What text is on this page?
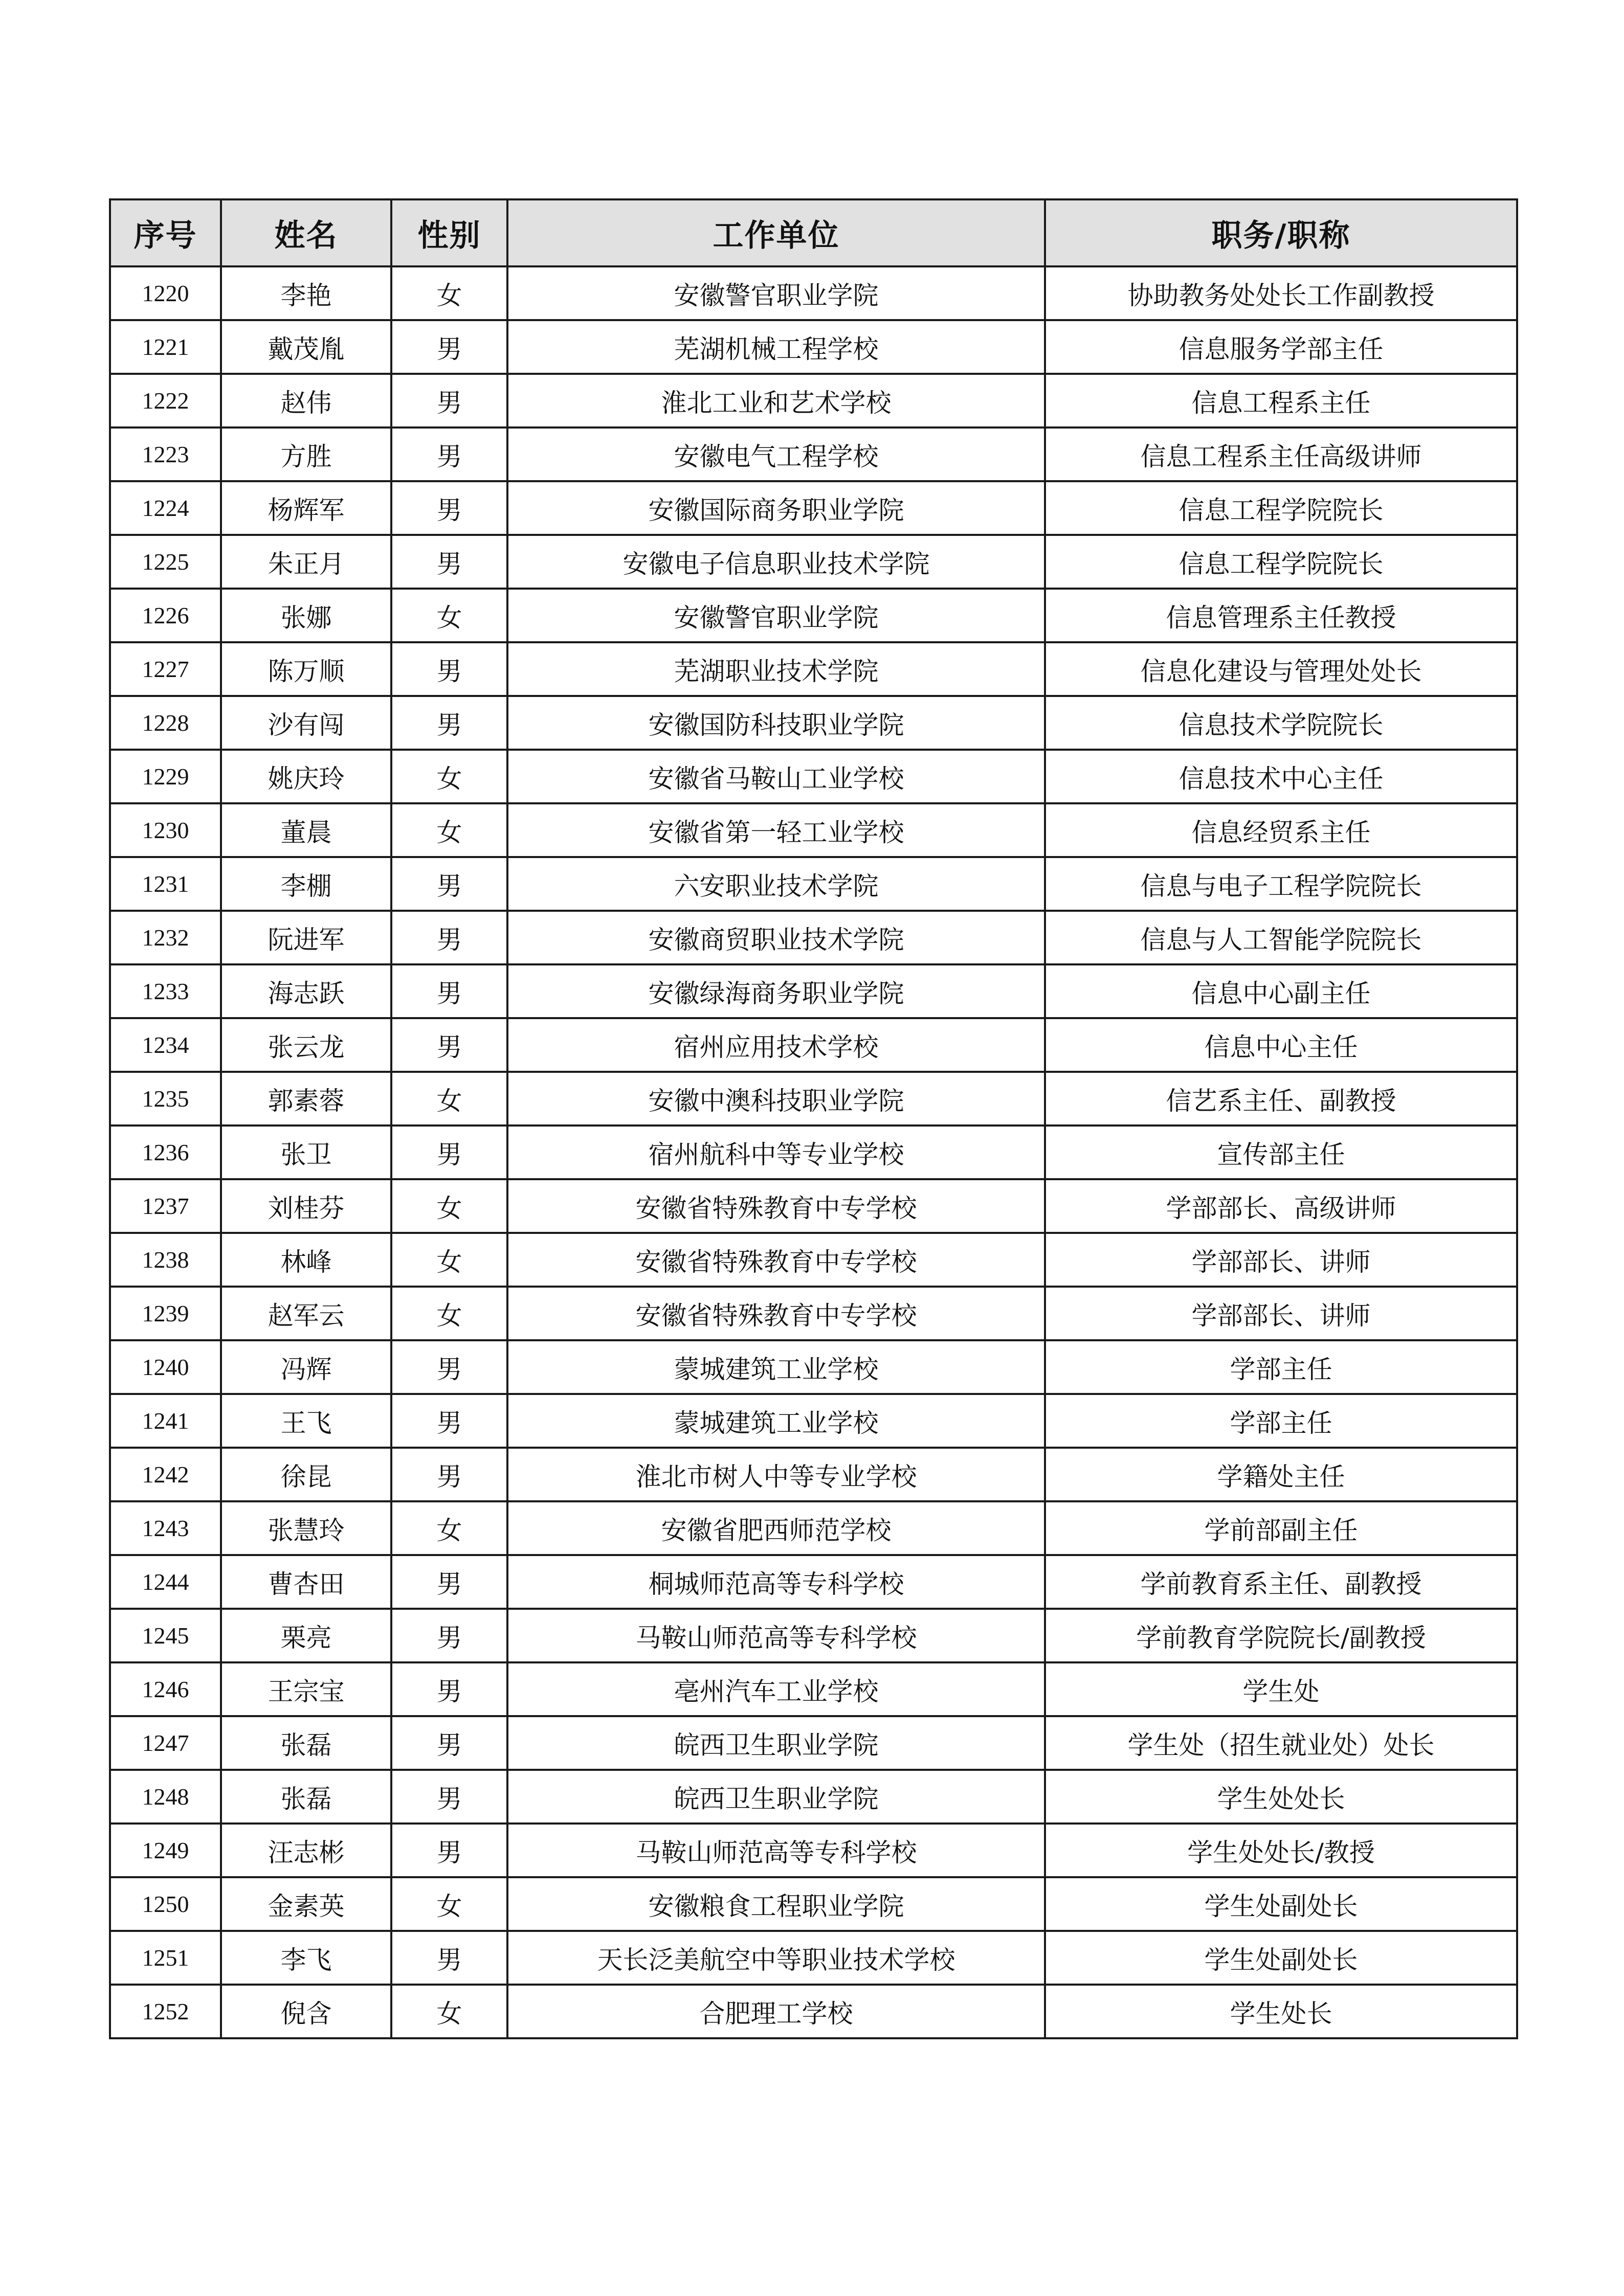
序号	姓名	性别	工作单位	职务/职称
1220	李艳	女	安徽警官职业学院	协助教务处处长工作副教授
1221	戴茂胤	男	芜湖机械工程学校	信息服务学部主任
1222	赵伟	男	淮北工业和艺术学校	信息工程系主任
1223	方胜	男	安徽电气工程学校	信息工程系主任高级讲师
1224	杨辉军	男	安徽国际商务职业学院	信息工程学院院长
1225	朱正月	男	安徽电子信息职业技术学院	信息工程学院院长
1226	张娜	女	安徽警官职业学院	信息管理系主任教授
1227	陈万顺	男	芜湖职业技术学院	信息化建设与管理处处长
1228	沙有闯	男	安徽国防科技职业学院	信息技术学院院长
1229	姚庆玲	女	安徽省马鞍山工业学校	信息技术中心主任
1230	董晨	女	安徽省第一轻工业学校	信息经贸系主任
1231	李棚	男	六安职业技术学院	信息与电子工程学院院长
1232	阮进军	男	安徽商贸职业技术学院	信息与人工智能学院院长
1233	海志跃	男	安徽绿海商务职业学院	信息中心副主任
1234	张云龙	男	宿州应用技术学校	信息中心主任
1235	郭素蓉	女	安徽中澳科技职业学院	信艺系主任、副教授
1236	张卫	男	宿州航科中等专业学校	宣传部主任
1237	刘桂芬	女	安徽省特殊教育中专学校	学部部长、高级讲师
1238	林峰	女	安徽省特殊教育中专学校	学部部长、讲师
1239	赵军云	女	安徽省特殊教育中专学校	学部部长、讲师
1240	冯辉	男	蒙城建筑工业学校	学部主任
1241	王飞	男	蒙城建筑工业学校	学部主任
1242	徐昆	男	淮北市树人中等专业学校	学籍处主任
1243	张慧玲	女	安徽省肥西师范学校	学前部副主任
1244	曹杏田	男	桐城师范高等专科学校	学前教育系主任、副教授
1245	栗亮	男	马鞍山师范高等专科学校	学前教育学院院长/副教授
1246	王宗宝	男	亳州汽车工业学校	学生处
1247	张磊	男	皖西卫生职业学院	学生处（招生就业处）处长
1248	张磊	男	皖西卫生职业学院	学生处处长
1249	汪志彬	男	马鞍山师范高等专科学校	学生处处长/教授
1250	金素英	女	安徽粮食工程职业学院	学生处副处长
1251	李飞	男	天长泛美航空中等职业技术学校	学生处副处长
1252	倪含	女	合肥理工学校	学生处长
